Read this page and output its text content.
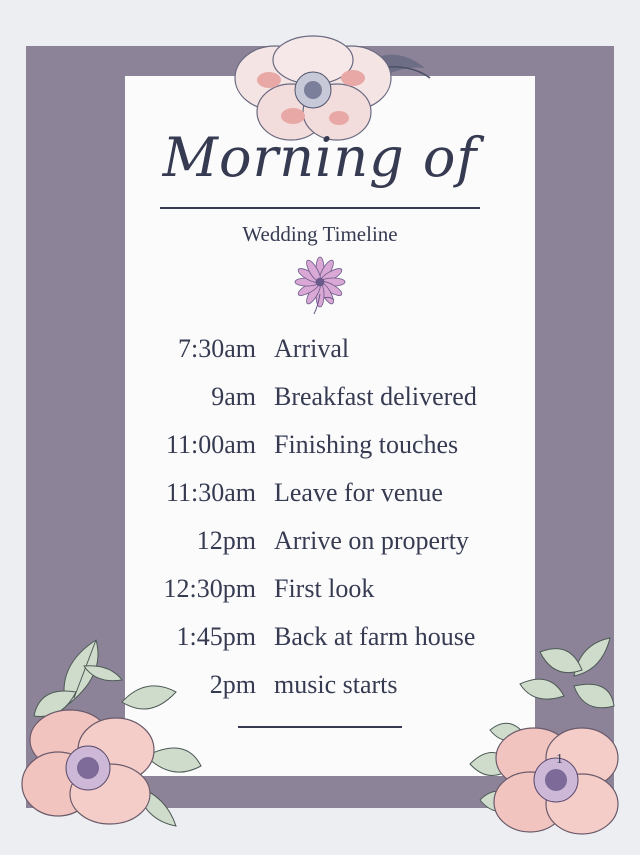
Morning of
Wedding Timeline
7:30am Arrival
9am Breakfast delivered
11:00am Finishing touches
11:30am Leave for venue
12pm Arrive on property
12:30pm First look
1:45pm Back at farm house
2pm music starts
1
